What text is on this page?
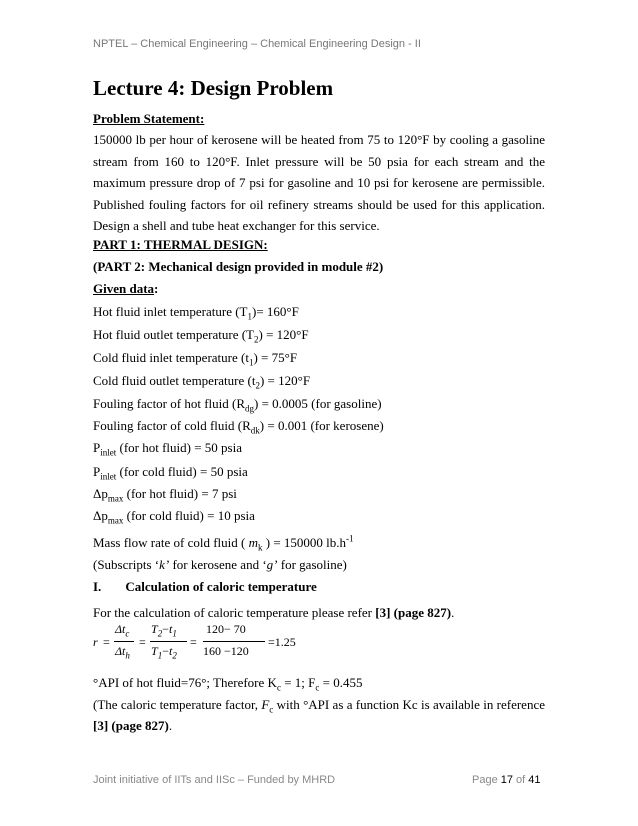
NPTEL – Chemical Engineering – Chemical Engineering Design - II
Lecture 4: Design Problem
Problem Statement:
150000 lb per hour of kerosene will be heated from 75 to 120°F by cooling a gasoline stream from 160 to 120°F. Inlet pressure will be 50 psia for each stream and the maximum pressure drop of 7 psi for gasoline and 10 psi for kerosene are permissible. Published fouling factors for oil refinery streams should be used for this application. Design a shell and tube heat exchanger for this service.
PART 1: THERMAL DESIGN:
(PART 2: Mechanical design provided in module #2)
Given data:
Hot fluid inlet temperature $(T_1)= 160^\circ F$
Hot fluid outlet temperature $(T_2) = 120^\circ F$
Cold fluid inlet temperature $(t_1) = 75^\circ F$
Cold fluid outlet temperature $(t_2) = 120^\circ F$
Fouling factor of hot fluid $(R_{dg}) = 0.0005$ (for gasoline)
Fouling factor of cold fluid $(R_{dk}) = 0.001$ (for kerosene)
$P_{inlet}$ (for hot fluid) = 50 psia
$P_{inlet}$ (for cold fluid) = 50 psia
$\Delta p_{max}$ (for hot fluid) = 7 psi
$\Delta p_{max}$ (for cold fluid) = 10 psia
Mass flow rate of cold fluid ( $m_k$ ) = 150000 $lb.h^{-1}$
(Subscripts ‘k’ for kerosene and ‘g’ for gasoline)
I. Calculation of caloric temperature
For the calculation of caloric temperature please refer [3] (page 827).
r =
$\Delta t_c$
$\Delta t_h$
=
$T_2-t_1$
$T_1-t_2$
=
120− 70
160 −120
=1.25
°API of hot fluid=76°; Therefore $K_c = 1$; $F_c = 0.455$
(The caloric temperature factor, $F_c$ with °API as a function Kc is available in reference [3] (page 827).
Joint initiative of IITs and IISc – Funded by MHRD	Page 17 of 41
